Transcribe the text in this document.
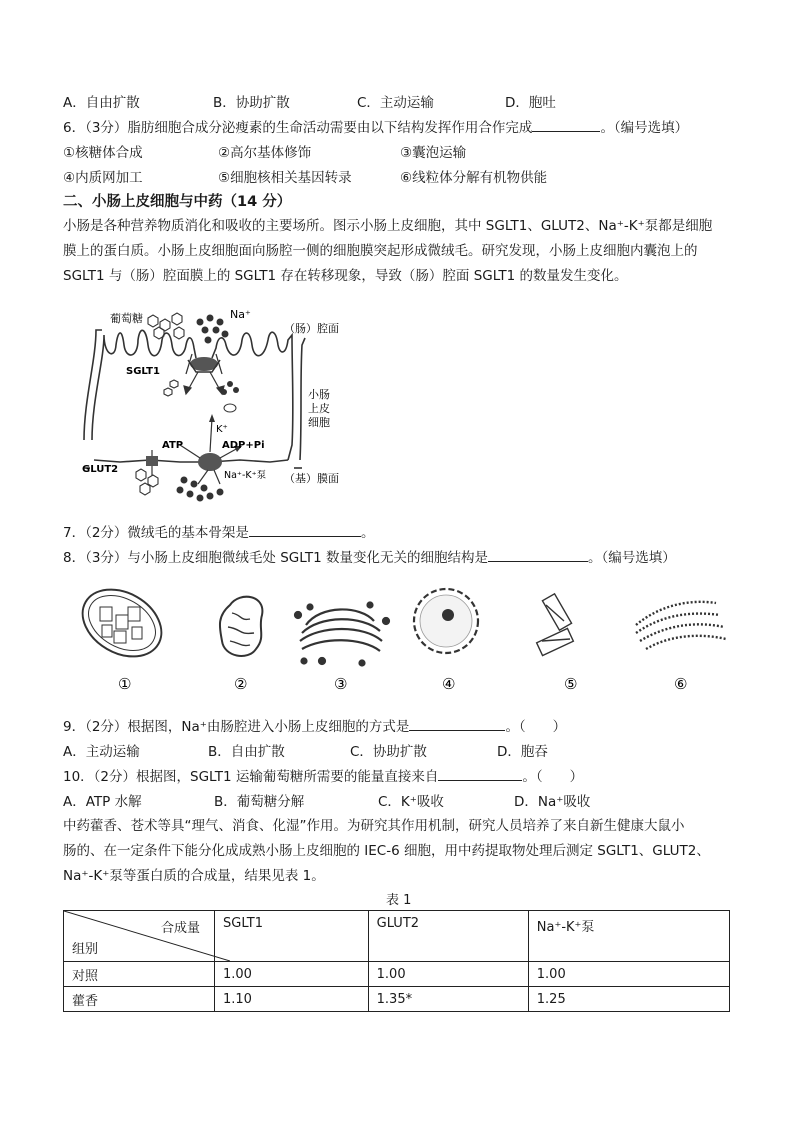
A．自由扩散	B．协助扩散	C．主动运输	D．胞吐
6．（3分）脂肪细胞合成分泌瘦素的生命活动需要由以下结构发挥作用合作完成	。（编号选填）
①核糖体合成	②高尔基体修饰	③囊泡运输
④内质网加工	⑤细胞核相关基因转录	⑥线粒体分解有机物供能
二、小肠上皮细胞与中药（14 分）
小肠是各种营养物质消化和吸收的主要场所。图示小肠上皮细胞，其中 SGLT1、GLUT2、Na⁺-K⁺泵都是细胞
膜上的蛋白质。小肠上皮细胞面向肠腔一侧的细胞膜突起形成微绒毛。研究发现，小肠上皮细胞内囊泡上的
SGLT1 与（肠）腔面膜上的 SGLT1 存在转移现象，导致（肠）腔面 SGLT1 的数量发生变化。
葡萄糖	Na⁺
（肠）腔面
SGLT1
小肠
上皮
细胞
K⁺
ATP	ADP+Pi
GLUT2
Na⁺-K⁺泵 （基）膜面
7．（2分）微绒毛的基本骨架是	。
8．（3分）与小肠上皮细胞微绒毛处 SGLT1 数量变化无关的细胞结构是	。（编号选填）
①	②	③	④	⑤	⑥
9．（2分）根据图，Na⁺由肠腔进入小肠上皮细胞的方式是	。（　　）
A．主动运输	B．自由扩散	C．协助扩散	D．胞吞
10．（2分）根据图，SGLT1 运输葡萄糖所需要的能量直接来自	。（　　）
A．ATP 水解	B．葡萄糖分解	C．K⁺吸收	D．Na⁺吸收
中药藿香、苍术等具“理气、消食、化湿”作用。为研究其作用机制，研究人员培养了来自新生健康大鼠小
肠的、在一定条件下能分化成成熟小肠上皮细胞的 IEC-6 细胞，用中药提取物处理后测定 SGLT1、GLUT2、
Na⁺-K⁺泵等蛋白质的合成量，结果见表 1。
表 1
合成量
组别	SGLT1	GLUT2	Na⁺-K⁺泵
对照	1.00	1.00	1.00
藿香	1.10	1.35*	1.25
